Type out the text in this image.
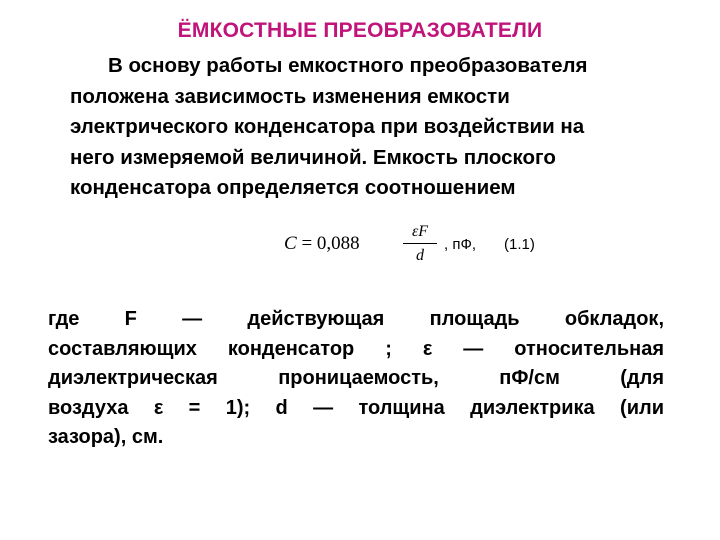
ЁМКОСТНЫЕ ПРЕОБРАЗОВАТЕЛИ
В основу работы емкостного преобразователя
положена зависимость изменения емкости
электрического конденсатора при воздействии на
него измеряемой величиной. Емкость плоского
конденсатора определяется соотношением
C = 0,088
εF
d
, пФ, (1.1)
где F — действующая площадь обкладок,
составляющих конденсатор ; ε — относительная
диэлектрическая проницаемость, пФ/см (для
воздуха ε = 1); d — толщина диэлектрика (или
зазора), см.
